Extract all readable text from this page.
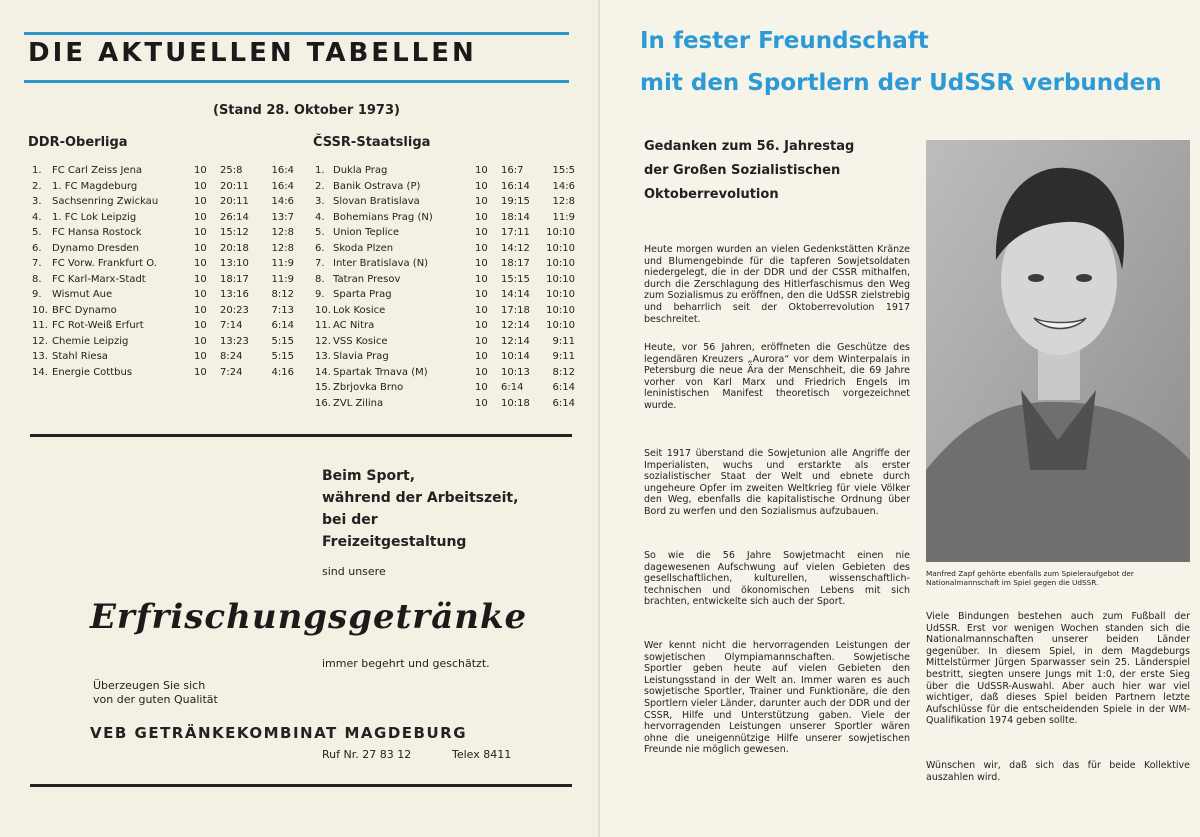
DIE AKTUELLEN TABELLEN
(Stand 28. Oktober 1973)
DDR-Oberliga
1.	FC Carl Zeiss Jena	10	25:8	16:4
2.	1. FC Magdeburg	10	20:11	16:4
3.	Sachsenring Zwickau	10	20:11	14:6
4.	1. FC Lok Leipzig	10	26:14	13:7
5.	FC Hansa Rostock	10	15:12	12:8
6.	Dynamo Dresden	10	20:18	12:8
7.	FC Vorw. Frankfurt O.	10	13:10	11:9
8.	FC Karl-Marx-Stadt	10	18:17	11:9
9.	Wismut Aue	10	13:16	8:12
10.	BFC Dynamo	10	20:23	7:13
11.	FC Rot-Weiß Erfurt	10	7:14	6:14
12.	Chemie Leipzig	10	13:23	5:15
13.	Stahl Riesa	10	8:24	5:15
14.	Energie Cottbus	10	7:24	4:16
ČSSR-Staatsliga
1.	Dukla Prag	10	16:7	15:5
2.	Banik Ostrava (P)	10	16:14	14:6
3.	Slovan Bratislava	10	19:15	12:8
4.	Bohemians Prag (N)	10	18:14	11:9
5.	Union Teplice	10	17:11	10:10
6.	Skoda Plzen	10	14:12	10:10
7.	Inter Bratislava (N)	10	18:17	10:10
8.	Tatran Presov	10	15:15	10:10
9.	Sparta Prag	10	14:14	10:10
10.	Lok Kosice	10	17:18	10:10
11.	AC Nitra	10	12:14	10:10
12.	VSS Kosice	10	12:14	9:11
13.	Slavia Prag	10	10:14	9:11
14.	Spartak Trnava (M)	10	10:13	8:12
15.	Zbrjovka Brno	10	6:14	6:14
16.	ZVL Zilina	10	10:18	6:14
Beim Sport,
während der Arbeitszeit,
bei der
Freizeitgestaltung
sind unsere
Erfrischungsgetränke
immer begehrt und geschätzt.
Überzeugen Sie sich
von der guten Qualität
VEB GETRÄNKEKOMBINAT MAGDEBURG
Ruf Nr. 27 83 12	Telex 8411
In fester Freundschaft
mit den Sportlern der UdSSR verbunden
Gedanken zum 56. Jahrestag
der Großen Sozialistischen
Oktoberrevolution

Heute morgen wurden an vielen Gedenkstätten Kränze und Blumengebinde für die tapferen Sowjetsoldaten niedergelegt, die in der DDR und der CSSR mithalfen, durch die Zerschlagung des Hitlerfaschismus den Weg zum Sozialismus zu eröffnen, den die UdSSR zielstrebig und beharrlich seit der Oktoberrevolution 1917 beschreitet.

Heute, vor 56 Jahren, eröffneten die Geschütze des legendären Kreuzers „Aurora“ vor dem Winterpalais in Petersburg die neue Ära der Menschheit, die 69 Jahre vorher von Karl Marx und Friedrich Engels im leninistischen Manifest theoretisch vorgezeichnet wurde.

Seit 1917 überstand die Sowjetunion alle Angriffe der Imperialisten, wuchs und erstarkte als erster sozialistischer Staat der Welt und ebnete durch ungeheure Opfer im zweiten Weltkrieg für viele Völker den Weg, ebenfalls die kapitalistische Ordnung über Bord zu werfen und den Sozialismus aufzubauen.

So wie die 56 Jahre Sowjetmacht einen nie dagewesenen Aufschwung auf vielen Gebieten des gesellschaftlichen, kulturellen, wissenschaftlich-technischen und ökonomischen Lebens mit sich brachten, entwickelte sich auch der Sport.

Wer kennt nicht die hervorragenden Leistungen der sowjetischen Olympiamannschaften. Sowjetische Sportler geben heute auf vielen Gebieten den Leistungsstand in der Welt an. Immer waren es auch sowjetische Sportler, Trainer und Funktionäre, die den Sportlern vieler Länder, darunter auch der DDR und der CSSR, Hilfe und Unterstützung gaben. Viele der hervorragenden Leistungen unserer Sportler wären ohne die uneigennützige Hilfe unserer sowjetischen Freunde nie möglich gewesen.

Manfred Zapf gehörte ebenfalls zum Spieleraufgebot der Nationalmannschaft im Spiel gegen die UdSSR.

Viele Bindungen bestehen auch zum Fußball der UdSSR. Erst vor wenigen Wochen standen sich die Nationalmannschaften unserer beiden Länder gegenüber. In diesem Spiel, in dem Magdeburgs Mittelstürmer Jürgen Sparwasser sein 25. Länderspiel bestritt, siegten unsere Jungs mit 1:0, der erste Sieg über die UdSSR-Auswahl. Aber auch hier war viel wichtiger, daß dieses Spiel beiden Partnern letzte Aufschlüsse für die entscheidenden Spiele in der WM-Qualifikation 1974 geben sollte.

Wünschen wir, daß sich das für beide Kollektive auszahlen wird.
